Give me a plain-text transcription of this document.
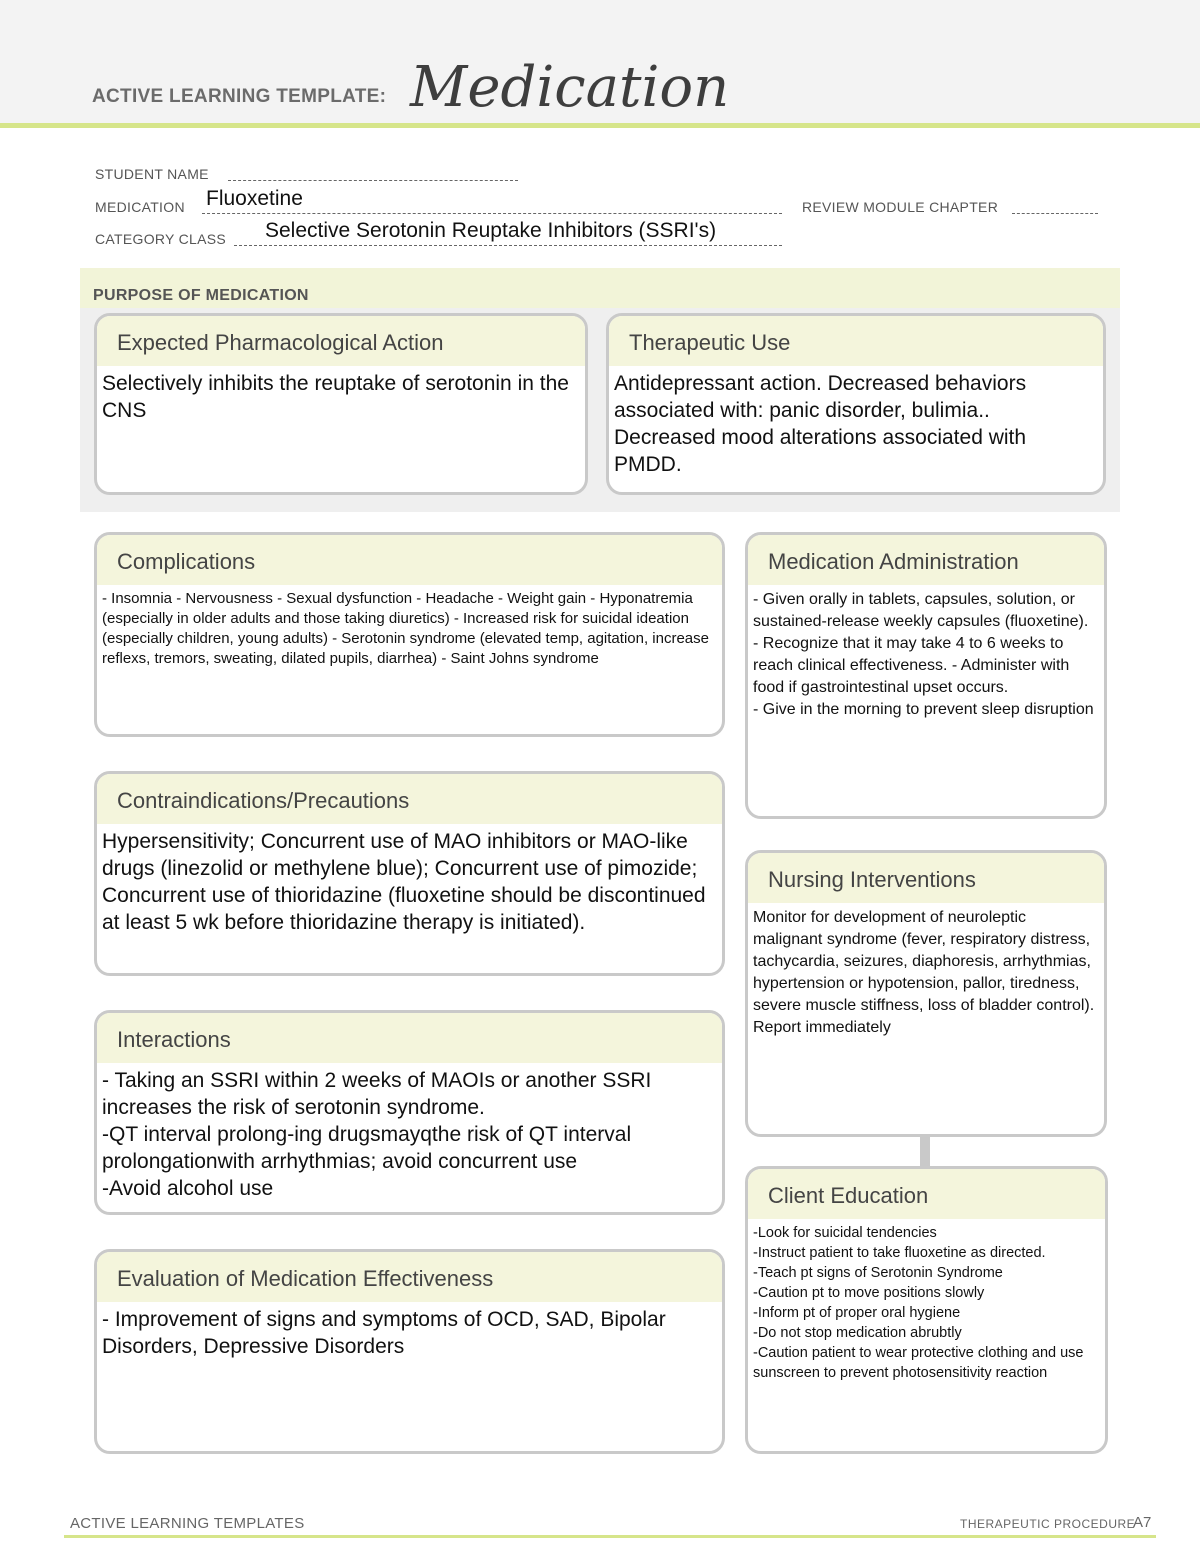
ACTIVE LEARNING TEMPLATE: Medication
STUDENT NAME
MEDICATION Fluoxetine	REVIEW MODULE CHAPTER
CATEGORY CLASS Selective Serotonin Reuptake Inhibitors (SSRI's)
PURPOSE OF MEDICATION
Expected Pharmacological Action
Selectively inhibits the reuptake of serotonin in the CNS
Therapeutic Use
Antidepressant action. Decreased behaviors associated with: panic disorder, bulimia.. Decreased mood alterations associated with PMDD.
Complications
- Insomnia - Nervousness - Sexual dysfunction - Headache - Weight gain - Hyponatremia (especially in older adults and those taking diuretics) - Increased risk for suicidal ideation (especially children, young adults) - Serotonin syndrome (elevated temp, agitation, increase reflexs, tremors, sweating, dilated pupils, diarrhea) - Saint Johns syndrome
Contraindications/Precautions
Hypersensitivity; Concurrent use of MAO inhibitors or MAO-like drugs (linezolid or methylene blue); Concurrent use of pimozide; Concurrent use of thioridazine (fluoxetine should be discontinued at least 5 wk before thioridazine therapy is initiated).
Interactions
- Taking an SSRI within 2 weeks of MAOIs or another SSRI increases the risk of serotonin syndrome.
-QT interval prolong-ing drugsmayqthe risk of QT interval prolongationwith arrhythmias; avoid concurrent use
-Avoid alcohol use
Evaluation of Medication Effectiveness
- Improvement of signs and symptoms of OCD, SAD, Bipolar Disorders, Depressive Disorders
Medication Administration
- Given orally in tablets, capsules, solution, or sustained-release weekly capsules (fluoxetine).
- Recognize that it may take 4 to 6 weeks to reach clinical effectiveness. - Administer with food if gastrointestinal upset occurs.
- Give in the morning to prevent sleep disruption
Nursing Interventions
Monitor for development of neuroleptic malignant syndrome (fever, respiratory distress, tachycardia, seizures, diaphoresis, arrhythmias, hypertension or hypotension, pallor, tiredness, severe muscle stiffness, loss of bladder control). Report immediately
Client Education
-Look for suicidal tendencies
-Instruct patient to take fluoxetine as directed.
-Teach pt signs of Serotonin Syndrome
-Caution pt to move positions slowly
-Inform pt of proper oral hygiene
-Do not stop medication abrubtly
-Caution patient to wear protective clothing and use sunscreen to prevent photosensitivity reaction
ACTIVE LEARNING TEMPLATES	THERAPEUTIC PROCEDURE
A7
